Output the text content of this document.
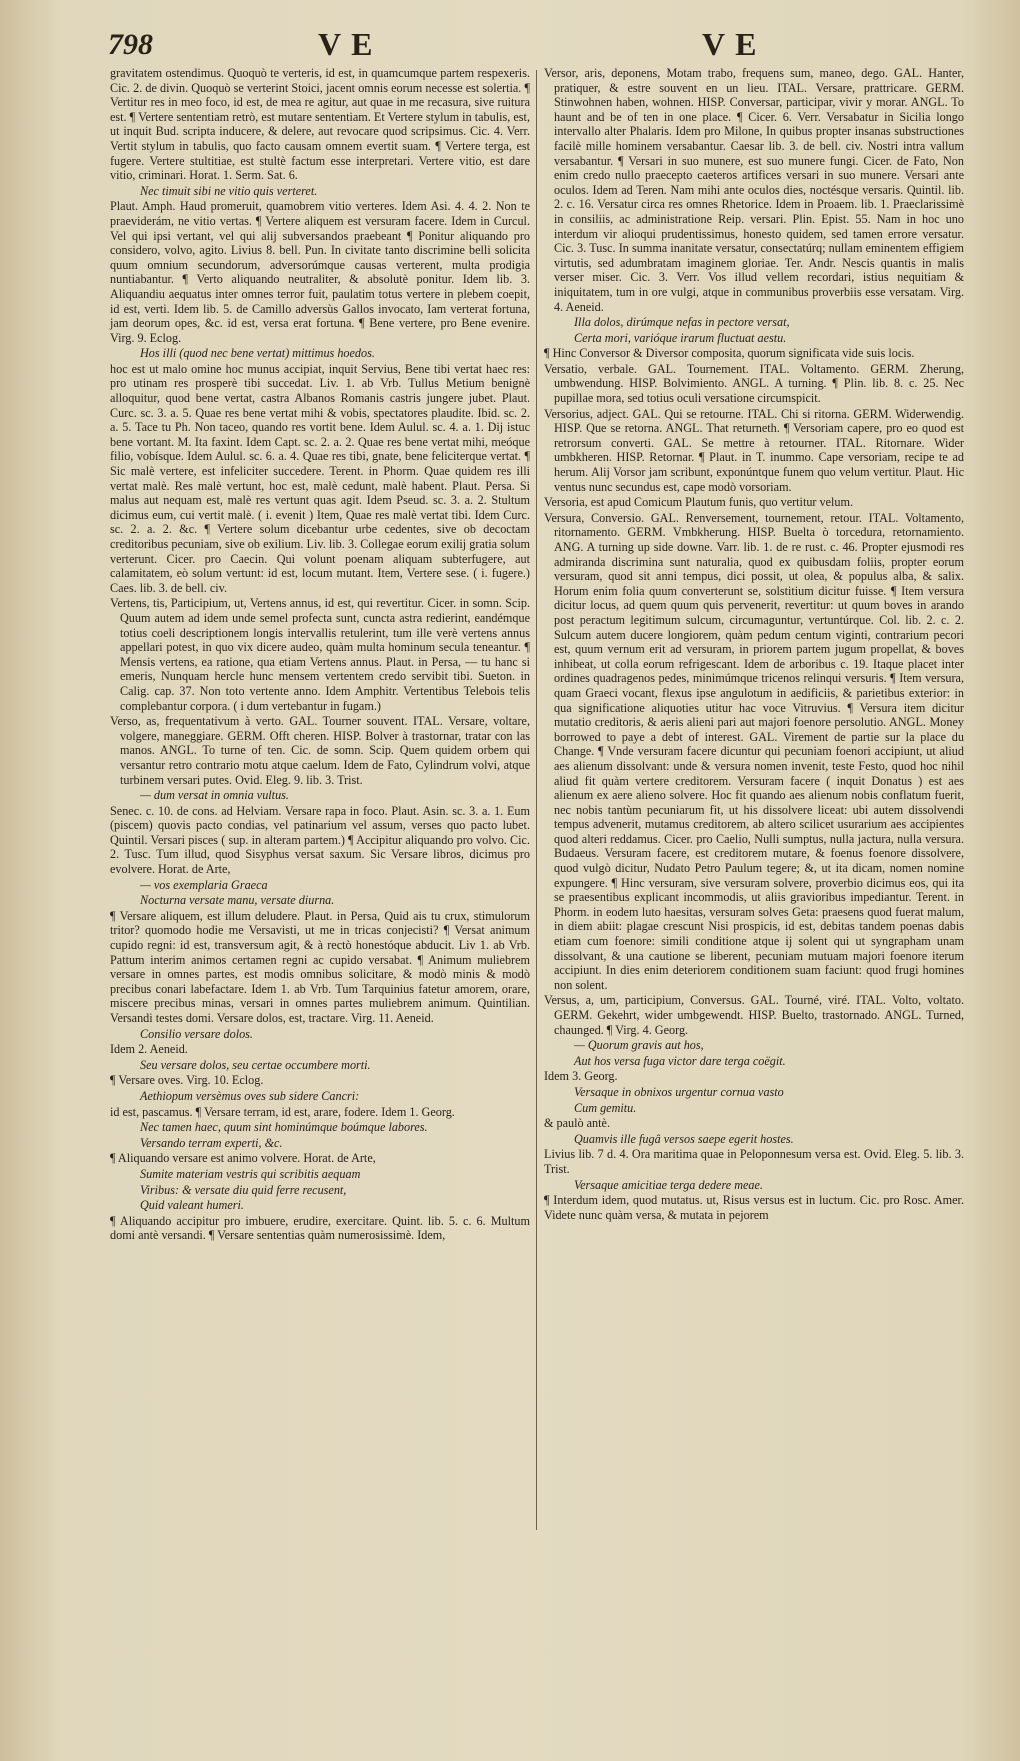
798	VE	VE

gravitatem ostendimus. Quoquò te verteris, id est, in quamcumque partem respexeris. Cic. 2. de divin. Quoquò se verterint Stoici, jacent omnis eorum necesse est solertia. ¶ Vertitur res in meo foco, id est, de mea re agitur, aut quae in me recasura, sive ruitura est. ¶ Vertere sententiam retrò, est mutare sententiam. Et Vertere stylum in tabulis, est, ut inquit Bud. scripta inducere, & delere, aut revocare quod scripsimus. Cic. 4. Verr. Vertit stylum in tabulis, quo facto causam omnem evertit suam. ¶ Vertere terga, est fugere. Vertere stultitiae, est stultè factum esse interpretari. Vertere vitio, est dare vitio, criminari. Horat. 1. Serm. Sat. 6.

Nec timuit sibi ne vitio quis verteret.

Plaut. Amph. Haud promeruit, quamobrem vitio verteres. Idem Asi. 4. 4. 2. Non te praeviderám, ne vitio vertas. ¶ Vertere aliquem est versuram facere. Idem in Curcul. Vel qui ipsi vertant, vel qui alij subversandos praebeant ¶ Ponitur aliquando pro considero, volvo, agito. Livius 8. bell. Pun. In civitate tanto discrimine belli solicita quum omnium secundorum, adversorúmque causas verterent, multa prodigia nuntiabantur. ¶ Verto aliquando neutraliter, & absolutè ponitur. Idem lib. 3. Aliquandiu aequatus inter omnes terror fuit, paulatim totus vertere in plebem coepit, id est, verti. Idem lib. 5. de Camillo adversùs Gallos invocato, Iam verterat fortuna, jam deorum opes, &c. id est, versa erat fortuna. ¶ Bene vertere, pro Bene evenire. Virg. 9. Eclog.

Hos illi (quod nec bene vertat) mittimus hoedos.

hoc est ut malo omine hoc munus accipiat, inquit Servius, Bene tibi vertat haec res: pro utinam res prosperè tibi succedat. Liv. 1. ab Vrb. Tullus Metium benignè alloquitur, quod bene vertat, castra Albanos Romanis castris jungere jubet. Plaut. Curc. sc. 3. a. 5. Quae res bene vertat mihi & vobis, spectatores plaudite. Ibid. sc. 2. a. 5. Tace tu Ph. Non taceo, quando res vortit bene. Idem Aulul. sc. 4. a. 1. Dij istuc bene vortant. M. Ita faxint. Idem Capt. sc. 2. a. 2. Quae res bene vertat mihi, meóque filio, vobísque. Idem Aulul. sc. 6. a. 4. Quae res tibi, gnate, bene feliciterque vertat. ¶ Sic malè vertere, est infeliciter succedere. Terent. in Phorm. Quae quidem res illi vertat malè. Res malè vertunt, hoc est, malè cedunt, malè habent. Plaut. Persa. Si malus aut nequam est, malè res vertunt quas agit. Idem Pseud. sc. 3. a. 2. Stultum dicimus eum, cui vertit malè. ( i. evenit ) Item, Quae res malè vertat tibi. Idem Curc. sc. 2. a. 2. &c. ¶ Vertere solum dicebantur urbe cedentes, sive ob decoctam creditoribus pecuniam, sive ob exilium. Liv. lib. 3. Collegae eorum exilij gratia solum verterunt. Cicer. pro Caecin. Qui volunt poenam aliquam subterfugere, aut calamitatem, eò solum vertunt: id est, locum mutant. Item, Vertere sese. ( i. fugere.) Caes. lib. 3. de bell. civ.

Vertens, tis, Participium, ut, Vertens annus, id est, qui revertitur. Cicer. in somn. Scip. Quum autem ad idem unde semel profecta sunt, cuncta astra redierint, eandémque totius coeli descriptionem longis intervallis retulerint, tum ille verè vertens annus appellari potest, in quo vix dicere audeo, quàm multa hominum secula teneantur. ¶ Mensis vertens, ea ratione, qua etiam Vertens annus. Plaut. in Persa, — tu hanc si emeris, Nunquam hercle hunc mensem vertentem credo servibit tibi. Sueton. in Calig. cap. 37. Non toto vertente anno. Idem Amphitr. Vertentibus Telebois telis complebantur corpora. ( i dum vertebantur in fugam.)

Verso, as, frequentativum à verto. GAL. Tourner souvent. ITAL. Versare, voltare, volgere, maneggiare. GERM. Offt cheren. HISP. Bolver à trastornar, tratar con las manos. ANGL. To turne of ten. Cic. de somn. Scip. Quem quidem orbem qui versantur retro contrario motu atque caelum. Idem de Fato, Cylindrum volvi, atque turbinem versari putes. Ovid. Eleg. 9. lib. 3. Trist.

— dum versat in omnia vultus.

Senec. c. 10. de cons. ad Helviam. Versare rapa in foco. Plaut. Asin. sc. 3. a. 1. Eum (piscem) quovis pacto condias, vel patinarium vel assum, verses quo pacto lubet. Quintil. Versari pisces ( sup. in alteram partem.) ¶ Accipitur aliquando pro volvo. Cic. 2. Tusc. Tum illud, quod Sisyphus versat saxum. Sic Versare libros, dicimus pro evolvere. Horat. de Arte,

— vos exemplaria Graeca

Nocturna versate manu, versate diurna.

¶ Versare aliquem, est illum deludere. Plaut. in Persa, Quid ais tu crux, stimulorum tritor? quomodo hodie me Versavisti, ut me in tricas conjecisti? ¶ Versat animum cupido regni: id est, transversum agit, & à rectò honestóque abducit. Liv 1. ab Vrb. Pattum interim animos certamen regni ac cupido versabat. ¶ Animum muliebrem versare in omnes partes, est modis omnibus solicitare, & modò minis & modò precibus conari labefactare. Idem 1. ab Vrb. Tum Tarquinius fatetur amorem, orare, miscere precibus minas, versari in omnes partes muliebrem animum. Quintilian. Versandi testes domi. Versare dolos, est, tractare. Virg. 11. Aeneid.

Consilio versare dolos.

Idem 2. Aeneid.

Seu versare dolos, seu certae occumbere morti.

¶ Versare oves. Virg. 10. Eclog.

Aethiopum versèmus oves sub sidere Cancri:

id est, pascamus. ¶ Versare terram, id est, arare, fodere. Idem 1. Georg.

Nec tamen haec, quum sint hominúmque boúmque labores.

Versando terram experti, &c.

¶ Aliquando versare est animo volvere. Horat. de Arte,

Sumite materiam vestris qui scribitis aequam

Viribus: & versate diu quid ferre recusent,

Quid valeant humeri.

¶ Aliquando accipitur pro imbuere, erudire, exercitare. Quint. lib. 5. c. 6. Multum domi antè versandi. ¶ Versare sententias quàm numerosissimè. Idem,

Versor, aris, deponens, Motam trabo, frequens sum, maneo, dego. GAL. Hanter, pratiquer, & estre souvent en un lieu. ITAL. Versare, prattricare. GERM. Stinwohnen haben, wohnen. HISP. Conversar, participar, vivir y morar. ANGL. To haunt and be of ten in one place. ¶ Cicer. 6. Verr. Versabatur in Sicilia longo intervallo alter Phalaris. Idem pro Milone, In quibus propter insanas substructiones facilè mille hominem versabantur. Caesar lib. 3. de bell. civ. Nostri intra vallum versabantur. ¶ Versari in suo munere, est suo munere fungi. Cicer. de Fato, Non enim credo nullo praecepto caeteros artifices versari in suo munere. Versari ante oculos. Idem ad Teren. Nam mihi ante oculos dies, noctésque versaris. Quintil. lib. 2. c. 16. Versatur circa res omnes Rhetorice. Idem in Proaem. lib. 1. Praeclarissimè in consiliis, ac administratione Reip. versari. Plin. Epist. 55. Nam in hoc uno interdum vir alioqui prudentissimus, honesto quidem, sed tamen errore versatur. Cic. 3. Tusc. In summa inanitate versatur, consectatúrq; nullam eminentem effigiem virtutis, sed adumbratam imaginem gloriae. Ter. Andr. Nescis quantis in malis verser miser. Cic. 3. Verr. Vos illud vellem recordari, istius nequitiam & iniquitatem, tum in ore vulgi, atque in communibus proverbiis esse versatam. Virg. 4. Aeneid.

Illa dolos, dirúmque nefas in pectore versat,

Certa mori, varióque irarum fluctuat aestu.

¶ Hinc Conversor & Diversor composita, quorum significata vide suis locis.

Versatio, verbale. GAL. Tournement. ITAL. Voltamento. GERM. Zherung, umbwendung. HISP. Bolvimiento. ANGL. A turning. ¶ Plin. lib. 8. c. 25. Nec pupillae mora, sed totius oculi versatione circumspicit.

Versorius, adject. GAL. Qui se retourne. ITAL. Chi si ritorna. GERM. Widerwendig. HISP. Que se retorna. ANGL. That returneth. ¶ Versoriam capere, pro eo quod est retrorsum converti. GAL. Se mettre à retourner. ITAL. Ritornare. Wider umbkheren. HISP. Retornar. ¶ Plaut. in T. inummo. Cape versoriam, recipe te ad herum. Alij Vorsor jam scribunt, exponúntque funem quo velum vertitur. Plaut. Hic ventus nunc secundus est, cape modò vorsoriam.

Versoria, est apud Comicum Plautum funis, quo vertitur velum.

Versura, Conversio. GAL. Renversement, tournement, retour. ITAL. Voltamento, ritornamento. GERM. Vmbkherung. HISP. Buelta ò torcedura, retornamiento. ANG. A turning up side downe. Varr. lib. 1. de re rust. c. 46. Propter ejusmodi res admiranda discrimina sunt naturalia, quod ex quibusdam foliis, propter eorum versuram, quod sit anni tempus, dici possit, ut olea, & populus alba, & salix. Horum enim folia quum converterunt se, solstitium dicitur fuisse. ¶ Item versura dicitur locus, ad quem quum quis pervenerit, revertitur: ut quum boves in arando post peractum legitimum sulcum, circumaguntur, vertuntúrque. Col. lib. 2. c. 2. Sulcum autem ducere longiorem, quàm pedum centum viginti, contrarium pecori est, quum vernum erit ad versuram, in priorem partem jugum propellat, & boves inhibeat, ut colla eorum refrigescant. Idem de arboribus c. 19. Itaque placet inter ordines quadragenos pedes, minimúmque tricenos relinqui versuris. ¶ Item versura, quam Graeci vocant, flexus ipse angulotum in aedificiis, & parietibus exterior: in qua significatione aliquoties utitur hac voce Vitruvius. ¶ Versura item dicitur mutatio creditoris, & aeris alieni pari aut majori foenore persolutio. ANGL. Money borrowed to paye a debt of interest. GAL. Virement de partie sur la place du Change. ¶ Vnde versuram facere dicuntur qui pecuniam foenori accipiunt, ut aliud aes alienum dissolvant: unde & versura nomen invenit, teste Festo, quod hoc nihil aliud fit quàm vertere creditorem. Versuram facere ( inquit Donatus ) est aes alienum ex aere alieno solvere. Hoc fit quando aes alienum nobis conflatum fuerit, nec nobis tantùm pecuniarum fit, ut his dissolvere liceat: ubi autem dissolvendi tempus advenerit, mutamus creditorem, ab altero scilicet usurarium aes accipientes quod alteri reddamus. Cicer. pro Caelio, Nulli sumptus, nulla jactura, nulla versura. Budaeus. Versuram facere, est creditorem mutare, & foenus foenore dissolvere, quod vulgò dicitur, Nudato Petro Paulum tegere; &, ut ita dicam, nomen nomine expungere. ¶ Hinc versuram, sive versuram solvere, proverbio dicimus eos, qui ita se praesentibus explicant incommodis, ut aliis gravioribus impediantur. Terent. in Phorm. in eodem luto haesitas, versuram solves Geta: praesens quod fuerat malum, in diem abiit: plagae crescunt Nisi prospicis, id est, debitas tandem poenas dabis etiam cum foenore: simili conditione atque ij solent qui ut syngrapham unam dissolvant, & una cautione se liberent, pecuniam mutuam majori foenore iterum accipiunt. In dies enim deteriorem conditionem suam faciunt: quod frugi homines non solent.

Versus, a, um, participium, Conversus. GAL. Tourné, viré. ITAL. Volto, voltato. GERM. Gekehrt, wider umbgewendt. HISP. Buelto, trastornado. ANGL. Turned, chaunged. ¶ Virg. 4. Georg.

— Quorum gravis aut hos,

Aut hos versa fuga victor dare terga coëgit.

Idem 3. Georg.

Versaque in obnixos urgentur cornua vasto

Cum gemitu.

& paulò antè.

Quamvis ille fugâ versos saepe egerit hostes.

Livius lib. 7 d. 4. Ora maritima quae in Peloponnesum versa est. Ovid. Eleg. 5. lib. 3. Trist.

Versaque amicitiae terga dedere meae.

¶ Interdum idem, quod mutatus. ut, Risus versus est in luctum. Cic. pro Rosc. Amer. Videte nunc quàm versa, & mutata in pejorem
